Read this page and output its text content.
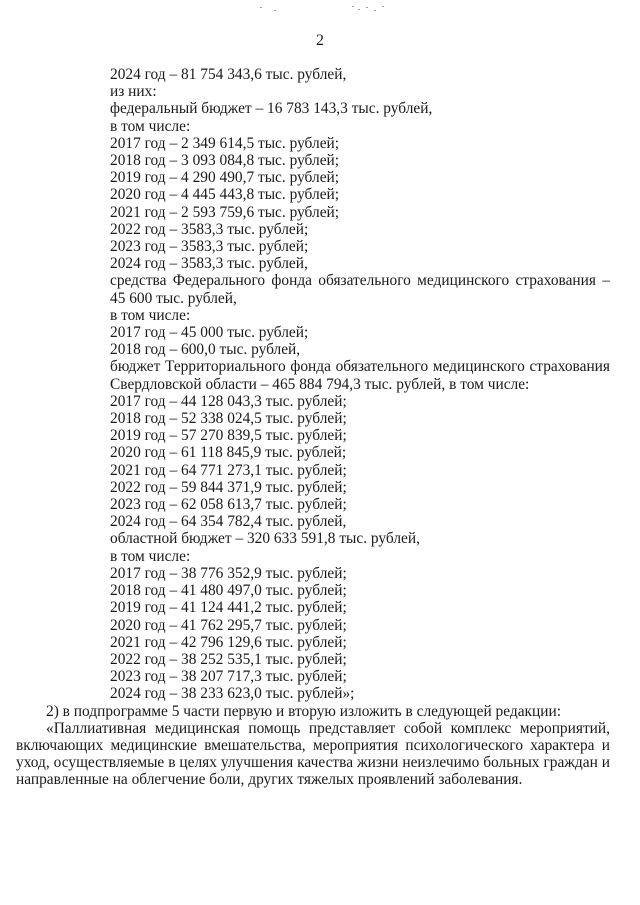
2
2024 год – 81 754 343,6 тыс. рублей,
из них:
федеральный бюджет – 16 783 143,3 тыс. рублей,
в том числе:
2017 год – 2 349 614,5 тыс. рублей;
2018 год – 3 093 084,8 тыс. рублей;
2019 год – 4 290 490,7 тыс. рублей;
2020 год – 4 445 443,8 тыс. рублей;
2021 год – 2 593 759,6 тыс. рублей;
2022 год – 3583,3 тыс. рублей;
2023 год – 3583,3 тыс. рублей;
2024 год – 3583,3 тыс. рублей,
средства Федерального фонда обязательного медицинского страхования – 45 600 тыс. рублей,
в том числе:
2017 год – 45 000 тыс. рублей;
2018 год – 600,0 тыс. рублей,
бюджет Территориального фонда обязательного медицинского страхования Свердловской области – 465 884 794,3 тыс. рублей, в том числе:
2017 год – 44 128 043,3 тыс. рублей;
2018 год – 52 338 024,5 тыс. рублей;
2019 год – 57 270 839,5 тыс. рублей;
2020 год – 61 118 845,9 тыс. рублей;
2021 год – 64 771 273,1 тыс. рублей;
2022 год – 59 844 371,9 тыс. рублей;
2023 год – 62 058 613,7 тыс. рублей;
2024 год – 64 354 782,4 тыс. рублей,
областной бюджет – 320 633 591,8 тыс. рублей,
в том числе:
2017 год – 38 776 352,9 тыс. рублей;
2018 год – 41 480 497,0 тыс. рублей;
2019 год – 41 124 441,2 тыс. рублей;
2020 год – 41 762 295,7 тыс. рублей;
2021 год – 42 796 129,6 тыс. рублей;
2022 год – 38 252 535,1 тыс. рублей;
2023 год – 38 207 717,3 тыс. рублей;
2024 год – 38 233 623,0 тыс. рублей»;
2) в подпрограмме 5 части первую и вторую изложить в следующей редакции:
«Паллиативная медицинская помощь представляет собой комплекс мероприятий, включающих медицинские вмешательства, мероприятия психологического характера и уход, осуществляемые в целях улучшения качества жизни неизлечимо больных граждан и направленные на облегчение боли, других тяжелых проявлений заболевания.
